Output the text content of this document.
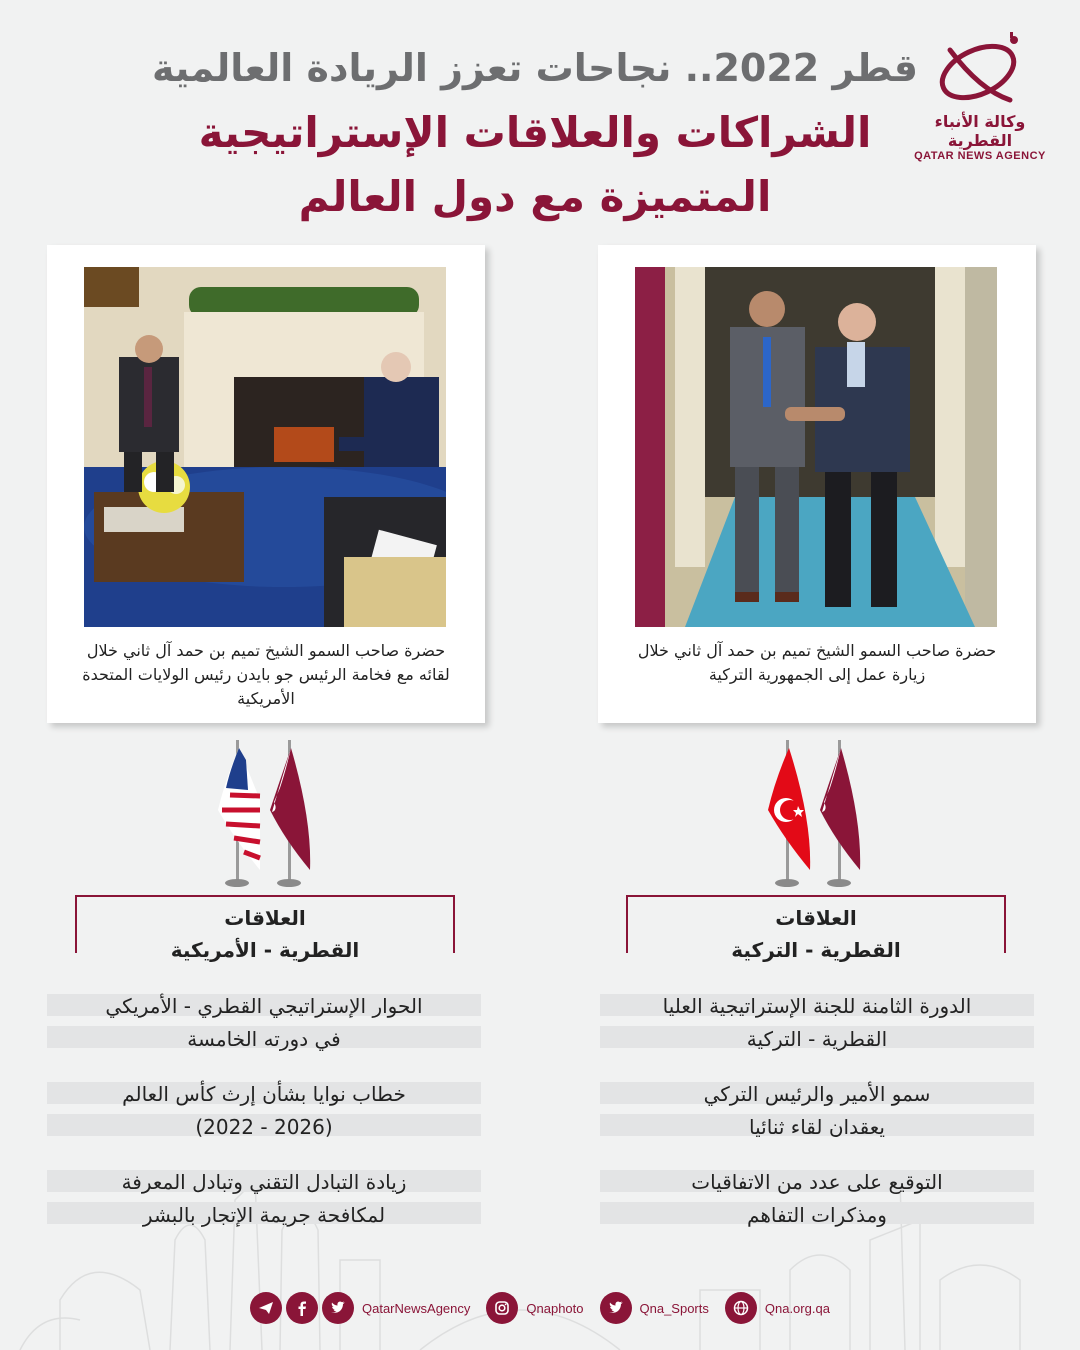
قطر 2022.. نجاحات تعزز الريادة العالمية
الشراكات والعلاقات الإستراتيجية
المتميزة مع دول العالم
وكالة الأنباء القطرية
QATAR NEWS AGENCY
حضرة صاحب السمو الشيخ تميم بن حمد آل ثاني خلال لقائه مع فخامة الرئيس جو بايدن رئيس الولايات المتحدة الأمريكية
حضرة صاحب السمو الشيخ تميم بن حمد آل ثاني خلال زيارة عمل إلى الجمهورية التركية
العلاقات
القطرية - الأمريكية
العلاقات
القطرية - التركية
الحوار الإستراتيجي القطري - الأمريكي
في دورته الخامسة
خطاب نوايا بشأن إرث كأس العالم
(2026 - 2022)
زيادة التبادل التقني وتبادل المعرفة
لمكافحة جريمة الإتجار بالبشر
الدورة الثامنة للجنة الإستراتيجية العليا
القطرية - التركية
سمو الأمير والرئيس التركي
يعقدان لقاء ثنائيا
التوقيع على عدد من الاتفاقيات
ومذكرات التفاهم
QatarNewsAgency	Qnaphoto	Qna_Sports	Qna.org.qa
